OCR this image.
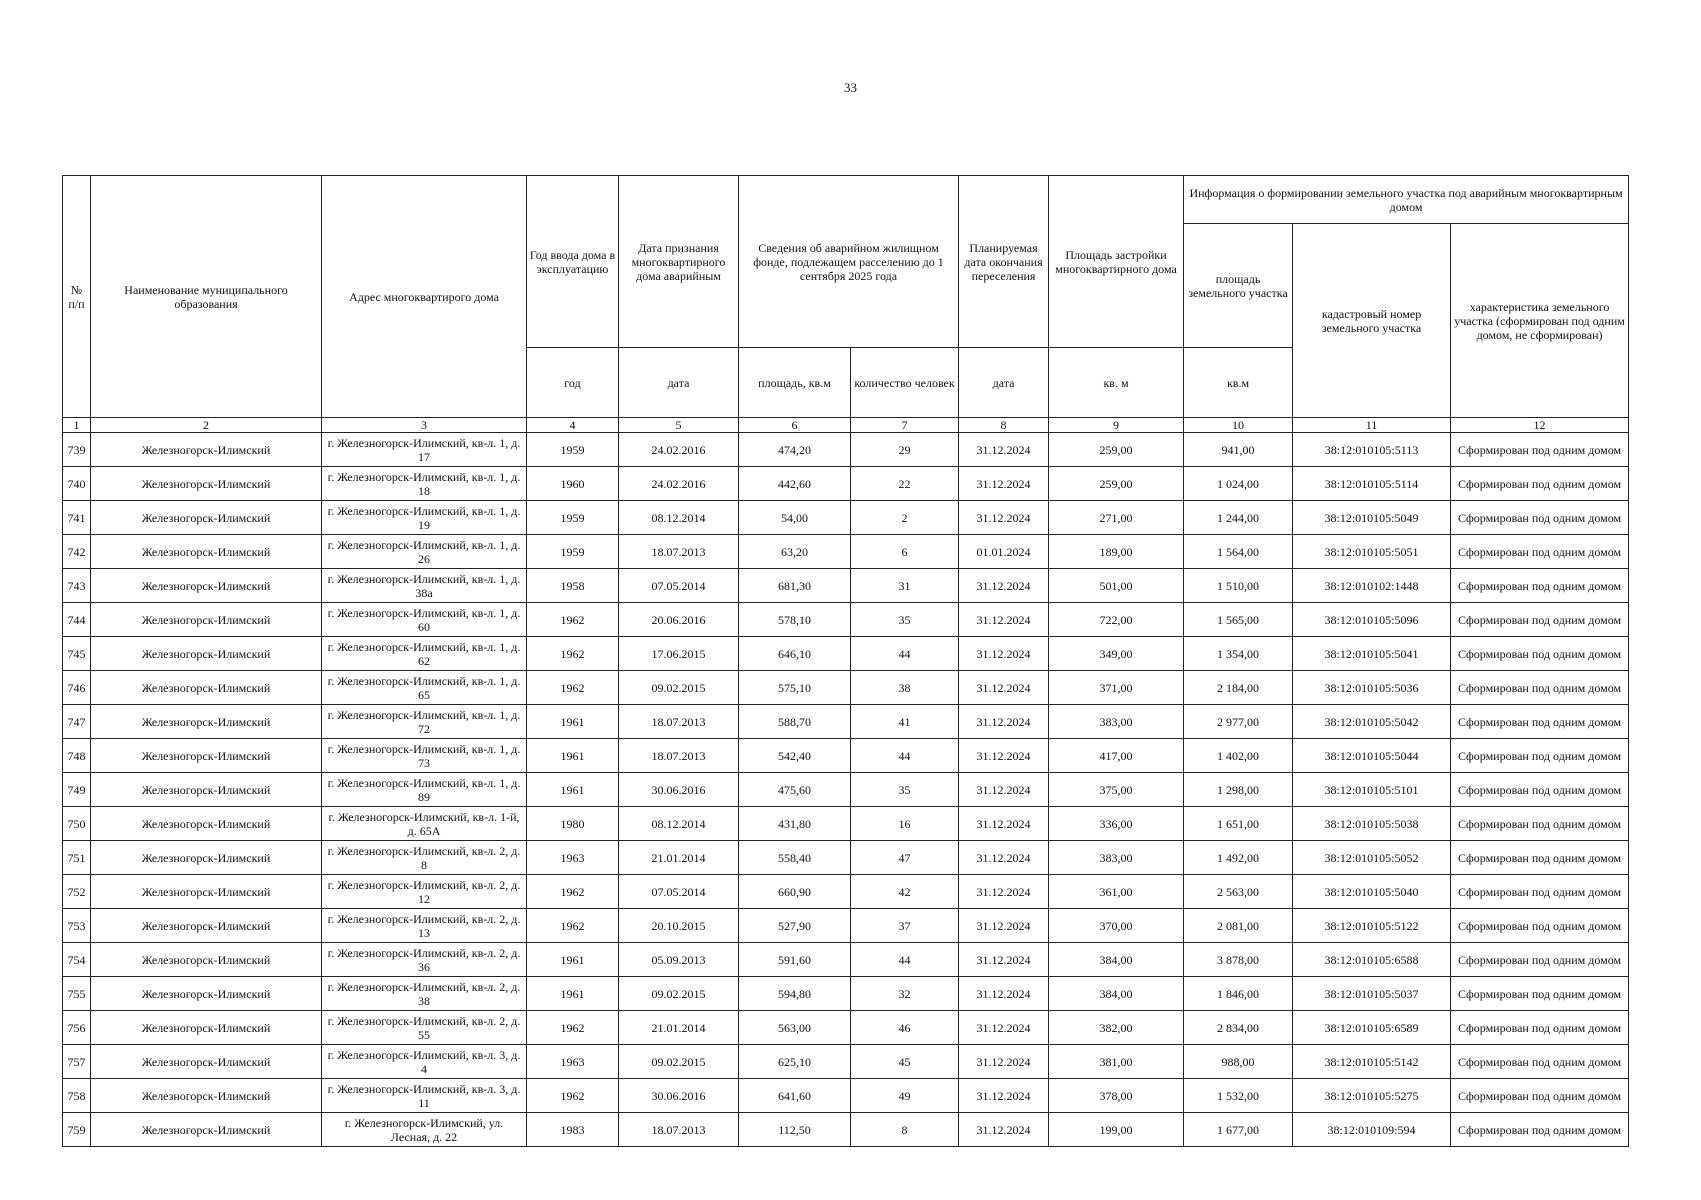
33
№ п/п	Наименование муниципального образования	Адрес многоквартирого дома	Год ввода дома в эксплуатацию	Дата признания многоквартирного дома аварийным	Сведения об аварийном жилищном фонде, подлежащем расселению до 1 сентября 2025 года		Планируемая дата окончания переселения	Площадь застройки многоквартирного дома	Информация о формировании земельного участка под аварийным многоквартирным домом		
									площадь земельного участка	кадастровый номер земельного участка	характеристика земельного участка (сформирован под одним домом, не сформирован)
			год	дата	площадь, кв.м	количество человек	дата	кв. м	кв.м		
1	2	3	4	5	6	7	8	9	10	11	12
739	Железногорск-Илимский	г. Железногорск-Илимский, кв-л. 1, д. 17	1959	24.02.2016	474,20	29	31.12.2024	259,00	941,00	38:12:010105:5113	Сформирован под одним домом
740	Железногорск-Илимский	г. Железногорск-Илимский, кв-л. 1, д. 18	1960	24.02.2016	442,60	22	31.12.2024	259,00	1 024,00	38:12:010105:5114	Сформирован под одним домом
741	Железногорск-Илимский	г. Железногорск-Илимский, кв-л. 1, д. 19	1959	08.12.2014	54,00	2	31.12.2024	271,00	1 244,00	38:12:010105:5049	Сформирован под одним домом
742	Железногорск-Илимский	г. Железногорск-Илимский, кв-л. 1, д. 26	1959	18.07.2013	63,20	6	01.01.2024	189,00	1 564,00	38:12:010105:5051	Сформирован под одним домом
743	Железногорск-Илимский	г. Железногорск-Илимский, кв-л. 1, д. 38а	1958	07.05.2014	681,30	31	31.12.2024	501,00	1 510,00	38:12:010102:1448	Сформирован под одним домом
744	Железногорск-Илимский	г. Железногорск-Илимский, кв-л. 1, д. 60	1962	20.06.2016	578,10	35	31.12.2024	722,00	1 565,00	38:12:010105:5096	Сформирован под одним домом
745	Железногорск-Илимский	г. Железногорск-Илимский, кв-л. 1, д. 62	1962	17.06.2015	646,10	44	31.12.2024	349,00	1 354,00	38:12:010105:5041	Сформирован под одним домом
746	Железногорск-Илимский	г. Железногорск-Илимский, кв-л. 1, д. 65	1962	09.02.2015	575,10	38	31.12.2024	371,00	2 184,00	38:12:010105:5036	Сформирован под одним домом
747	Железногорск-Илимский	г. Железногорск-Илимский, кв-л. 1, д. 72	1961	18.07.2013	588,70	41	31.12.2024	383,00	2 977,00	38:12:010105:5042	Сформирован под одним домом
748	Железногорск-Илимский	г. Железногорск-Илимский, кв-л. 1, д. 73	1961	18.07.2013	542,40	44	31.12.2024	417,00	1 402,00	38:12:010105:5044	Сформирован под одним домом
749	Железногорск-Илимский	г. Железногорск-Илимский, кв-л. 1, д. 89	1961	30.06.2016	475,60	35	31.12.2024	375,00	1 298,00	38:12:010105:5101	Сформирован под одним домом
750	Железногорск-Илимский	г. Железногорск-Илимский, кв-л. 1-й, д. 65А	1980	08.12.2014	431,80	16	31.12.2024	336,00	1 651,00	38:12:010105:5038	Сформирован под одним домом
751	Железногорск-Илимский	г. Железногорск-Илимский, кв-л. 2, д. 8	1963	21.01.2014	558,40	47	31.12.2024	383,00	1 492,00	38:12:010105:5052	Сформирован под одним домом
752	Железногорск-Илимский	г. Железногорск-Илимский, кв-л. 2, д. 12	1962	07.05.2014	660,90	42	31.12.2024	361,00	2 563,00	38:12:010105:5040	Сформирован под одним домом
753	Железногорск-Илимский	г. Железногорск-Илимский, кв-л. 2, д. 13	1962	20.10.2015	527,90	37	31.12.2024	370,00	2 081,00	38:12:010105:5122	Сформирован под одним домом
754	Железногорск-Илимский	г. Железногорск-Илимский, кв-л. 2, д. 36	1961	05.09.2013	591,60	44	31.12.2024	384,00	3 878,00	38:12:010105:6588	Сформирован под одним домом
755	Железногорск-Илимский	г. Железногорск-Илимский, кв-л. 2, д. 38	1961	09.02.2015	594,80	32	31.12.2024	384,00	1 846,00	38:12:010105:5037	Сформирован под одним домом
756	Железногорск-Илимский	г. Железногорск-Илимский, кв-л. 2, д. 55	1962	21.01.2014	563,00	46	31.12.2024	382,00	2 834,00	38:12:010105:6589	Сформирован под одним домом
757	Железногорск-Илимский	г. Железногорск-Илимский, кв-л. 3, д. 4	1963	09.02.2015	625,10	45	31.12.2024	381,00	988,00	38:12:010105:5142	Сформирован под одним домом
758	Железногорск-Илимский	г. Железногорск-Илимский, кв-л. 3, д. 11	1962	30.06.2016	641,60	49	31.12.2024	378,00	1 532,00	38:12:010105:5275	Сформирован под одним домом
759	Железногорск-Илимский	г. Железногорск-Илимский, ул. Лесная, д. 22	1983	18.07.2013	112,50	8	31.12.2024	199,00	1 677,00	38:12:010109:594	Сформирован под одним домом
